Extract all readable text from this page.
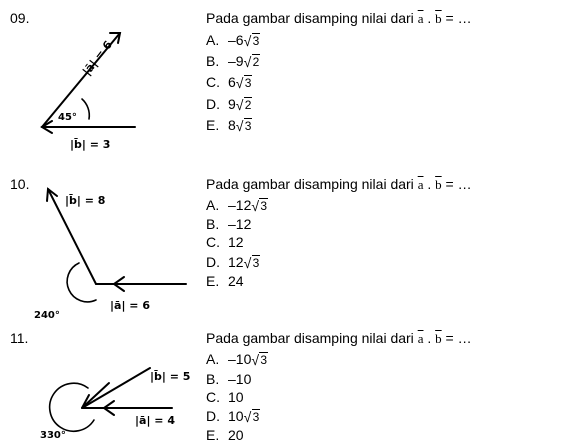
09.	Pada gambar disamping nilai dari $\overline{a}$ . $\overline{b}$ = …
A. –6 √ 3
B. –9 √ 2
C. 6 √ 3
D. 9 √ 2
E. 8 √ 3
|ā| = 6
45°
|b̄| = 3
10.	Pada gambar disamping nilai dari $\overline{a}$ . $\overline{b}$ = …
A. –12 √ 3
B. –12
C. 12
D. 12 √ 3
E. 24
|b̄| = 8
|ā| = 6
240°
11.	Pada gambar disamping nilai dari $\overline{a}$ . $\overline{b}$ = …
A. –10 √ 3
B. –10
C. 10
D. 10 √ 3
E. 20
|b̄| = 5
|ā| = 4
330°
